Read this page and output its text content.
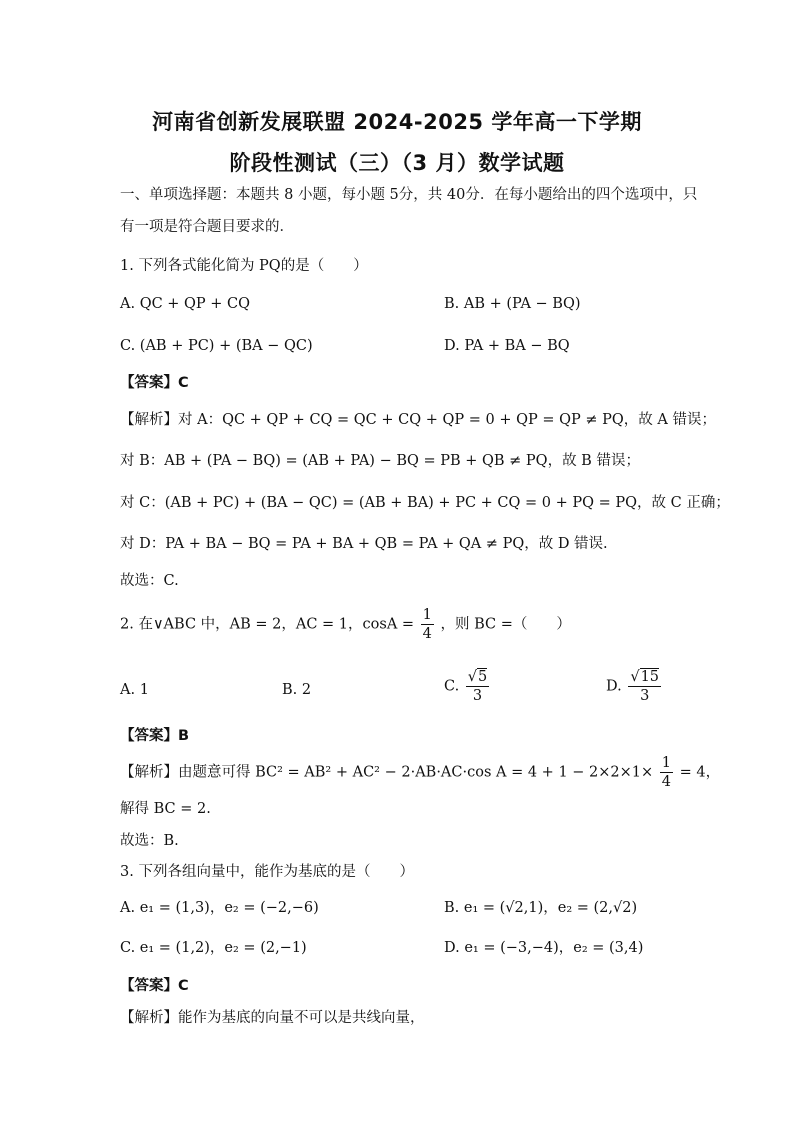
河南省创新发展联盟 2024-2025 学年高一下学期
阶段性测试（三）（3 月）数学试题
一、单项选择题：本题共 8 小题，每小题 5分，共 40分．在每小题给出的四个选项中，只
有一项是符合题目要求的．
1. 下列各式能化简为 PQ的是（　　）
A. QC + QP + CQ	B. AB + (PA − BQ)
C. (AB + PC) + (BA − QC)	D. PA + BA − BQ
【答案】C
【解析】对 A：QC + QP + CQ = QC + CQ + QP = 0 + QP = QP ≠ PQ，故 A 错误；
对 B：AB + (PA − BQ) = (AB + PA) − BQ = PB + QB ≠ PQ，故 B 错误；
对 C：(AB + PC) + (BA − QC) = (AB + BA) + PC + CQ = 0 + PQ = PQ，故 C 正确；
对 D：PA + BA − BQ = PA + BA + QB = PA + QA ≠ PQ，故 D 错误.
故选：C.
2. 在∨ABC 中，AB = 2，AC = 1，$\cos A = \frac{1}{4}$ ，则 BC =（　　）
A. 1	B. 2	C. $\frac{√5}{3}$	D. $\frac{√15}{3}$
【答案】B
【解析】由题意可得 BC² = AB² + AC² − 2·AB·AC·cos $A = 4 + 1 - 2\times 2\times 1\times \frac{1}{4} = 4$，
解得 BC = 2.
故选：B.
3. 下列各组向量中，能作为基底的是（　　）
A. e₁ = (1,3)，e₂ = (−2,−6)	B. e₁ = (√2,1)，e₂ = (2,√2)
C. e₁ = (1,2)，e₂ = (2,−1)	D. e₁ = (−3,−4)，e₂ = (3,4)
【答案】C
【解析】能作为基底的向量不可以是共线向量，
